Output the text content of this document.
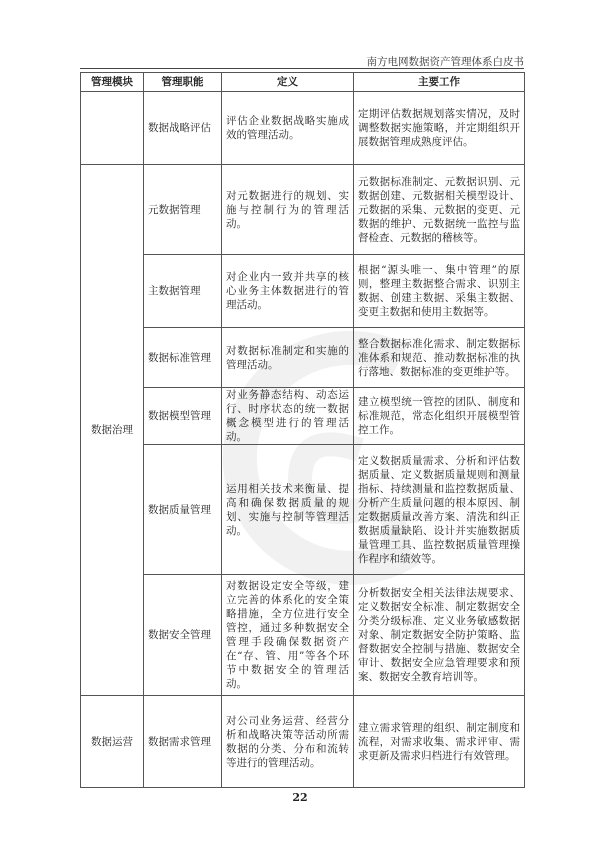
南方电网数据资产管理体系白皮书
管理模块	管理职能	定义	主要工作
	数据战略评估	评估企业数据战略实施成效的管理活动。	定期评估数据规划落实情况，及时调整数据实施策略，并定期组织开展数据管理成熟度评估。
数据治理	元数据管理	对元数据进行的规划、实施与控制行为的管理活动。	元数据标准制定、元数据识别、元数据创建、元数据相关模型设计、元数据的采集、元数据的变更、元数据的维护、元数据统一监控与监督检查、元数据的稽核等。
	主数据管理	对企业内一致并共享的核心业务主体数据进行的管理活动。	根据“源头唯一、集中管理”的原则，整理主数据整合需求、识别主数据、创建主数据、采集主数据、变更主数据和使用主数据等。
	数据标准管理	对数据标准制定和实施的管理活动。	整合数据标准化需求、制定数据标准体系和规范、推动数据标准的执行落地、数据标准的变更维护等。
	数据模型管理	对业务静态结构、动态运行、时序状态的统一数据概念模型进行的管理活动。	建立模型统一管控的团队、制度和标准规范，常态化组织开展模型管控工作。
	数据质量管理	运用相关技术来衡量、提高和确保数据质量的规划、实施与控制等管理活动。	定义数据质量需求、分析和评估数据质量、定义数据质量规则和测量指标、持续测量和监控数据质量、分析产生质量问题的根本原因、制定数据质量改善方案、清洗和纠正数据质量缺陷、设计并实施数据质量管理工具、监控数据质量管理操作程序和绩效等。
	数据安全管理	对数据设定安全等级，建立完善的体系化的安全策略措施，全方位进行安全管控，通过多种数据安全管理手段确保数据资产在“存、管、用”等各个环节中数据安全的管理活动。	分析数据安全相关法律法规要求、定义数据安全标准、制定数据安全分类分级标准、定义业务敏感数据对象、制定数据安全防护策略、监督数据安全控制与措施、数据安全审计、数据安全应急管理要求和预案、数据安全教育培训等。
数据运营	数据需求管理	对公司业务运营、经营分析和战略决策等活动所需数据的分类、分布和流转等进行的管理活动。	建立需求管理的组织、制定制度和流程，对需求收集、需求评审、需求更新及需求归档进行有效管理。
22
